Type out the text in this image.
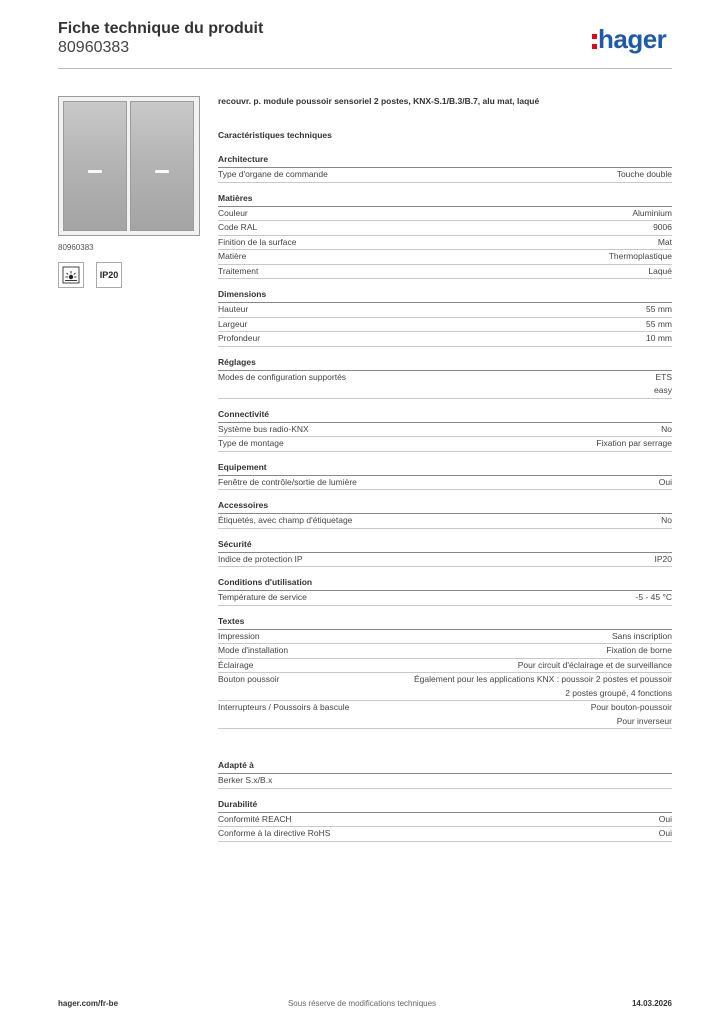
Fiche technique du produit
80960383	hager
80960383
IP20
recouvr. p. module poussoir sensoriel 2 postes, KNX-S.1/B.3/B.7, alu mat, laqué
Caractéristiques techniques
Architecture
Type d'organe de commande	Touche double
Matières
Couleur	Aluminium
Code RAL	9006
Finition de la surface	Mat
Matière	Thermoplastique
Traitement	Laqué
Dimensions
Hauteur	55 mm
Largeur	55 mm
Profondeur	10 mm
Réglages
Modes de configuration supportés	ETS
easy
Connectivité
Système bus radio-KNX	No
Type de montage	Fixation par serrage
Equipement
Fenêtre de contrôle/sortie de lumière	Oui
Accessoires
Étiquetés, avec champ d'étiquetage	No
Sécurité
Indice de protection IP	IP20
Conditions d'utilisation
Température de service	-5 - 45 °C
Textes
Impression	Sans inscription
Mode d'installation	Fixation de borne
Éclairage	Pour circuit d'éclairage et de surveillance
Bouton poussoir	Également pour les applications KNX : poussoir 2 postes et poussoir
2 postes groupé, 4 fonctions
Interrupteurs / Poussoirs à bascule	Pour bouton-poussoir
Pour inverseur
Adapté à
Berker S.x/B.x
Durabilité
Conformité REACH	Oui
Conforme à la directive RoHS	Oui
hager.com/fr-be	Sous réserve de modifications techniques	14.03.2026
